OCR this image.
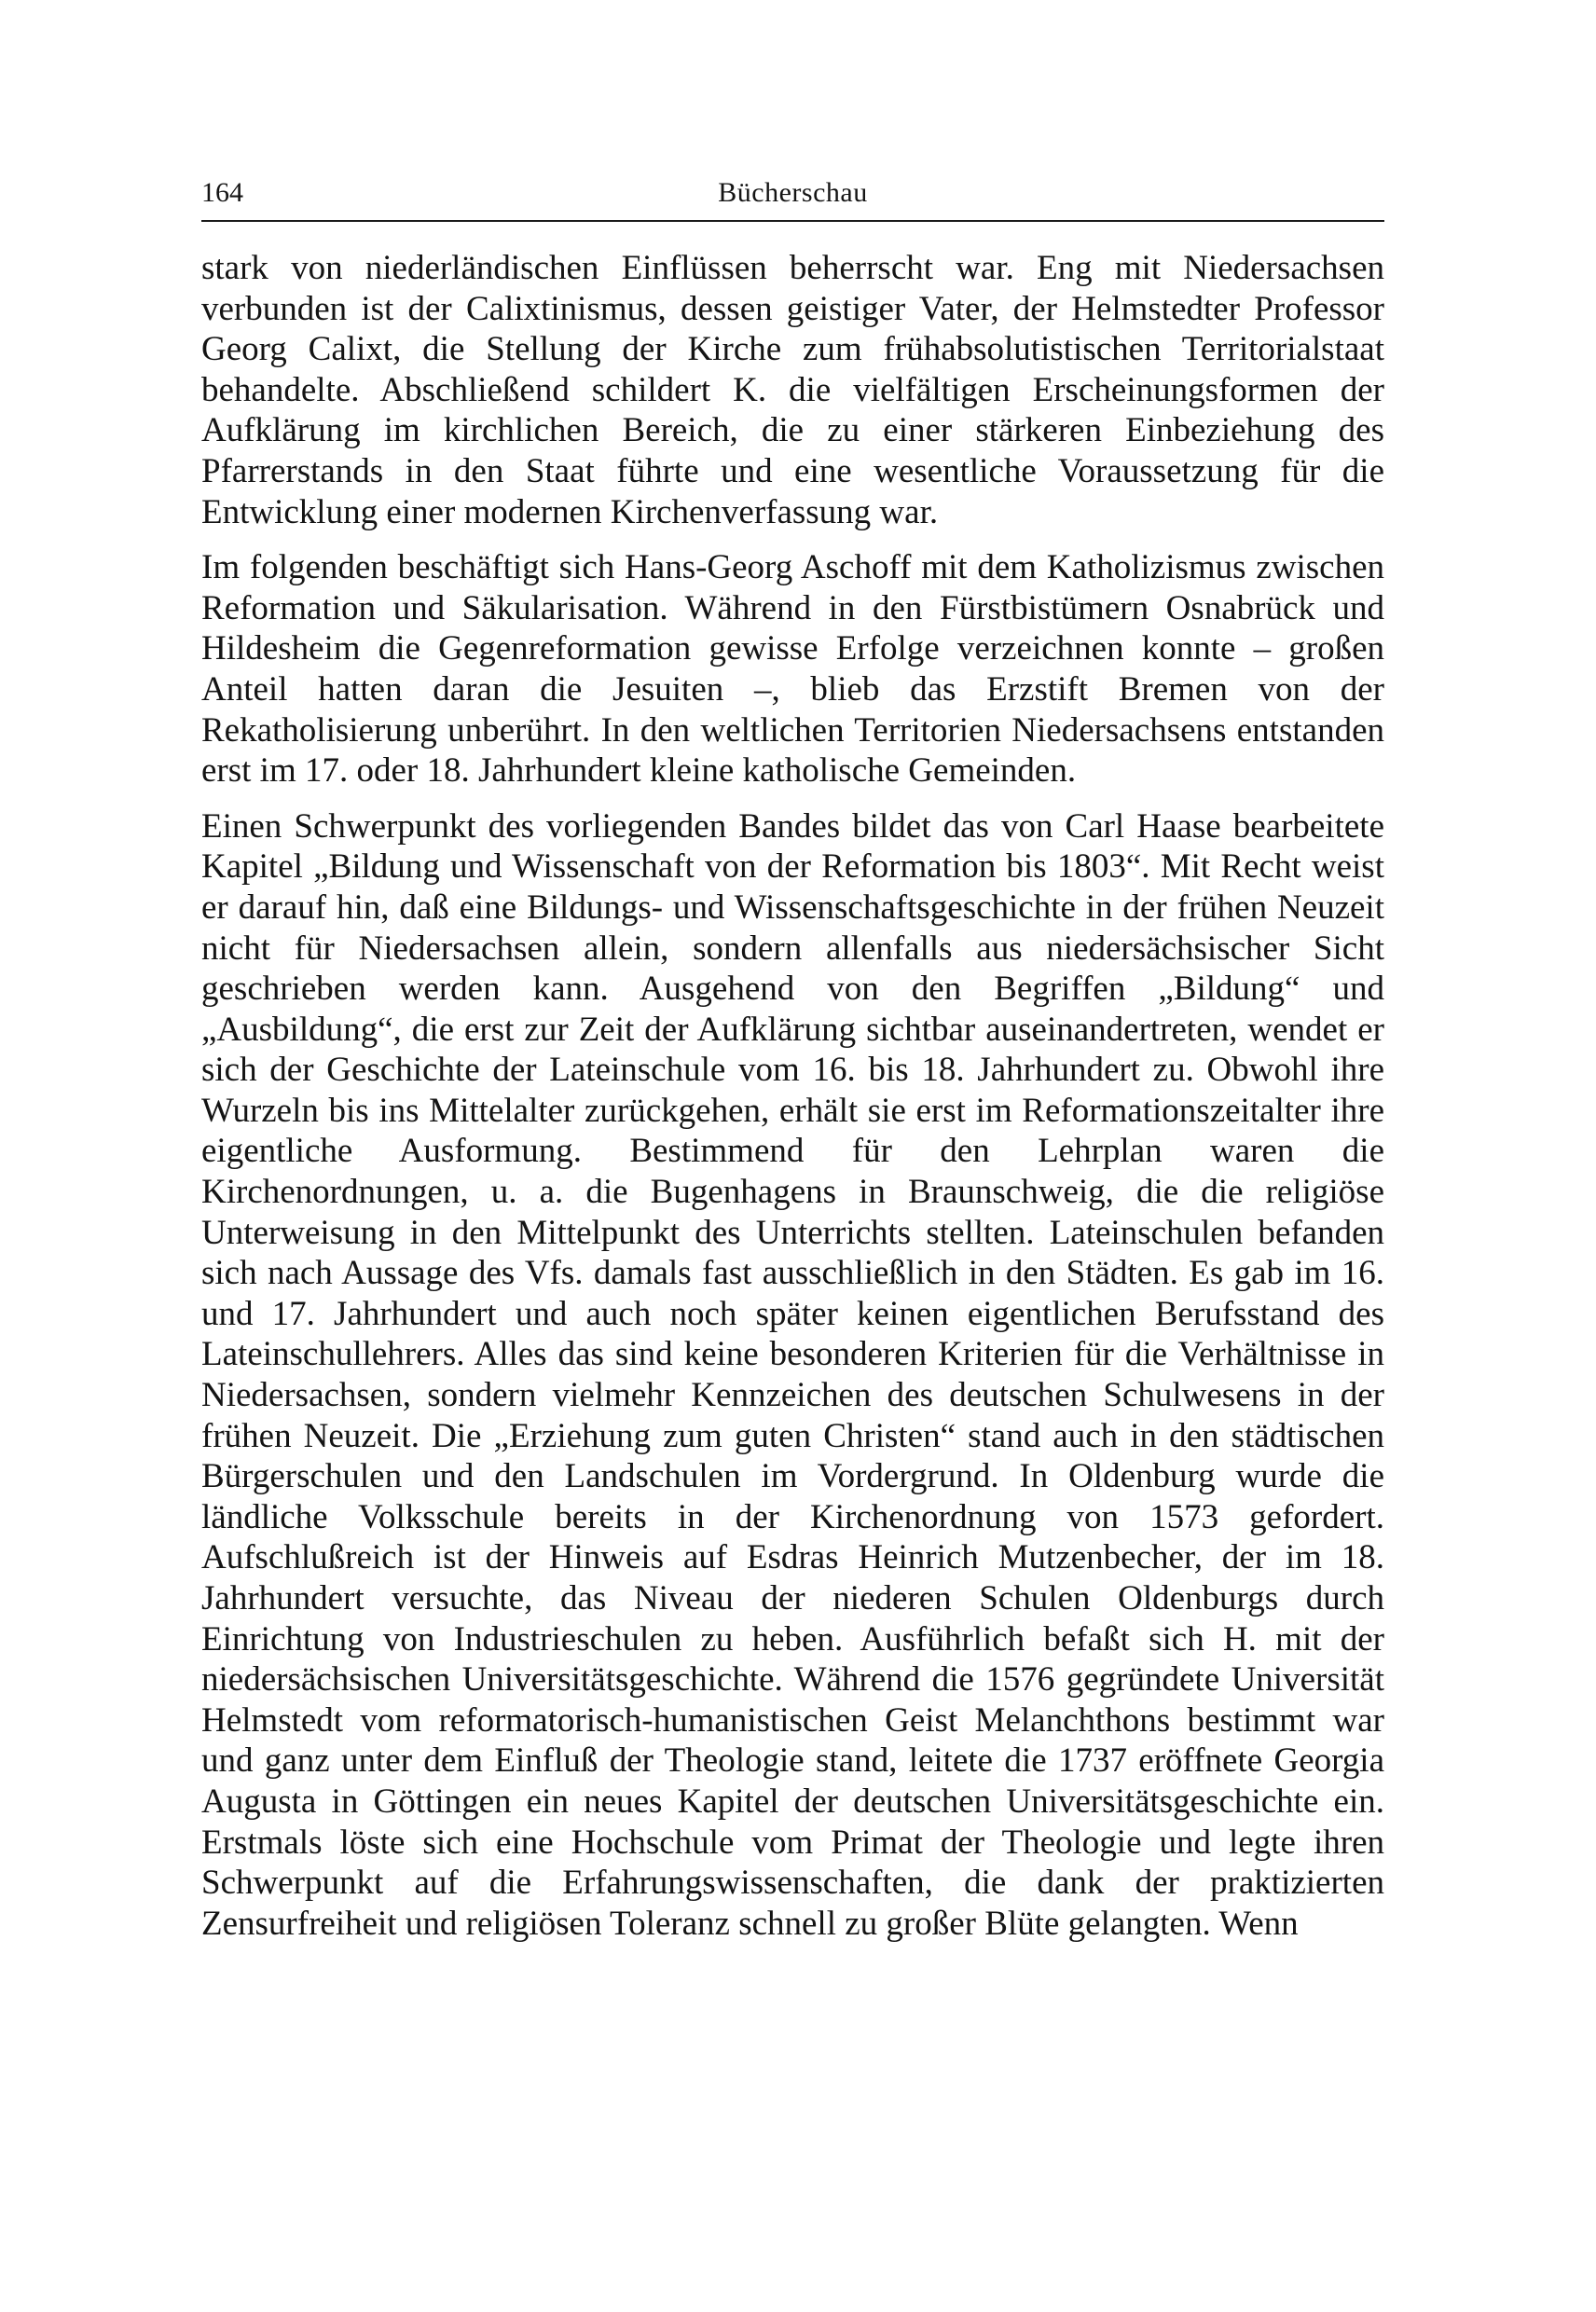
164	Bücherschau

stark von niederländischen Einflüssen beherrscht war. Eng mit Niedersachsen verbunden ist der Calixtinismus, dessen geistiger Vater, der Helmstedter Professor Georg Calixt, die Stellung der Kirche zum frühabsolutistischen Territorialstaat behandelte. Abschließend schildert K. die vielfältigen Erscheinungsformen der Aufklärung im kirchlichen Bereich, die zu einer stärkeren Einbeziehung des Pfarrerstands in den Staat führte und eine wesentliche Voraussetzung für die Entwicklung einer modernen Kirchenverfassung war.

Im folgenden beschäftigt sich Hans-Georg Aschoff mit dem Katholizismus zwischen Reformation und Säkularisation. Während in den Fürstbistümern Osnabrück und Hildesheim die Gegenreformation gewisse Erfolge verzeichnen konnte – großen Anteil hatten daran die Jesuiten –, blieb das Erzstift Bremen von der Rekatholisierung unberührt. In den weltlichen Territorien Niedersachsens entstanden erst im 17. oder 18. Jahrhundert kleine katholische Gemeinden.

Einen Schwerpunkt des vorliegenden Bandes bildet das von Carl Haase bearbeitete Kapitel „Bildung und Wissenschaft von der Reformation bis 1803“. Mit Recht weist er darauf hin, daß eine Bildungs- und Wissenschaftsgeschichte in der frühen Neuzeit nicht für Niedersachsen allein, sondern allenfalls aus niedersächsischer Sicht geschrieben werden kann. Ausgehend von den Begriffen „Bildung“ und „Ausbildung“, die erst zur Zeit der Aufklärung sichtbar auseinandertreten, wendet er sich der Geschichte der Lateinschule vom 16. bis 18. Jahrhundert zu. Obwohl ihre Wurzeln bis ins Mittelalter zurückgehen, erhält sie erst im Reformationszeitalter ihre eigentliche Ausformung. Bestimmend für den Lehrplan waren die Kirchenordnungen, u. a. die Bugenhagens in Braunschweig, die die religiöse Unterweisung in den Mittelpunkt des Unterrichts stellten. Lateinschulen befanden sich nach Aussage des Vfs. damals fast ausschließlich in den Städten. Es gab im 16. und 17. Jahrhundert und auch noch später keinen eigentlichen Berufsstand des Lateinschullehrers. Alles das sind keine besonderen Kriterien für die Verhältnisse in Niedersachsen, sondern vielmehr Kennzeichen des deutschen Schulwesens in der frühen Neuzeit. Die „Erziehung zum guten Christen“ stand auch in den städtischen Bürgerschulen und den Landschulen im Vordergrund. In Oldenburg wurde die ländliche Volksschule bereits in der Kirchenordnung von 1573 gefordert. Aufschlußreich ist der Hinweis auf Esdras Heinrich Mutzenbecher, der im 18. Jahrhundert versuchte, das Niveau der niederen Schulen Oldenburgs durch Einrichtung von Industrieschulen zu heben. Ausführlich befaßt sich H. mit der niedersächsischen Universitätsgeschichte. Während die 1576 gegründete Universität Helmstedt vom reformatorisch-humanistischen Geist Melanchthons bestimmt war und ganz unter dem Einfluß der Theologie stand, leitete die 1737 eröffnete Georgia Augusta in Göttingen ein neues Kapitel der deutschen Universitätsgeschichte ein. Erstmals löste sich eine Hochschule vom Primat der Theologie und legte ihren Schwerpunkt auf die Erfahrungswissenschaften, die dank der praktizierten Zensurfreiheit und religiösen Toleranz schnell zu großer Blüte gelangten. Wenn
